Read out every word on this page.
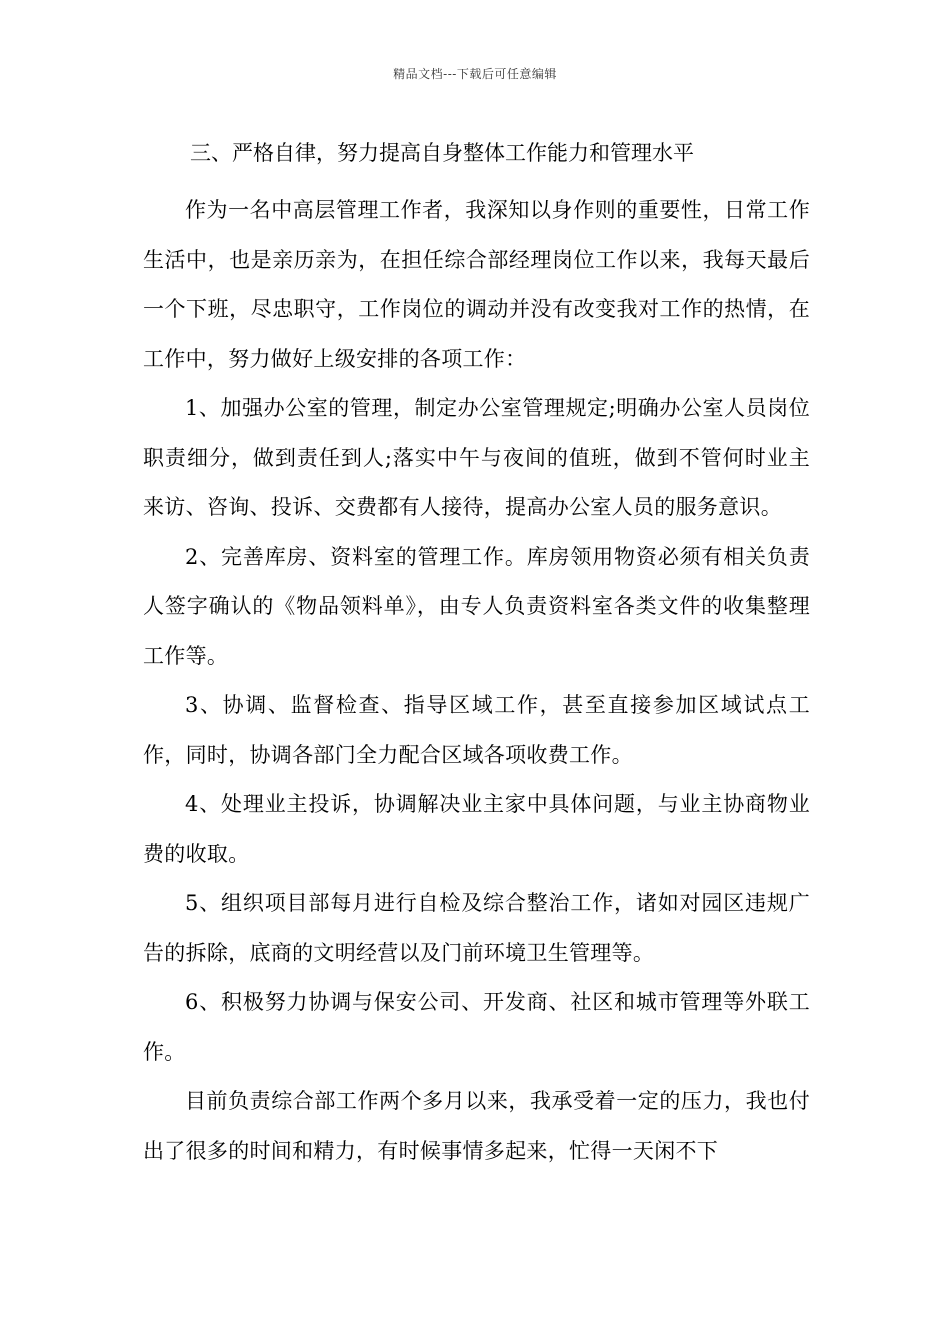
精品文档---下载后可任意编辑
三、严格自律，努力提高自身整体工作能力和管理水平

作为一名中高层管理工作者，我深知以身作则的重要性，日常工作生活中，也是亲历亲为，在担任综合部经理岗位工作以来，我每天最后一个下班，尽忠职守，工作岗位的调动并没有改变我对工作的热情，在工作中，努力做好上级安排的各项工作：

1、加强办公室的管理，制定办公室管理规定;明确办公室人员岗位职责细分，做到责任到人;落实中午与夜间的值班，做到不管何时业主来访、咨询、投诉、交费都有人接待，提高办公室人员的服务意识。

2、完善库房、资料室的管理工作。库房领用物资必须有相关负责人签字确认的《物品领料单》，由专人负责资料室各类文件的收集整理工作等。

3、协调、监督检查、指导区域工作，甚至直接参加区域试点工作，同时，协调各部门全力配合区域各项收费工作。

4、处理业主投诉，协调解决业主家中具体问题，与业主协商物业费的收取。

5、组织项目部每月进行自检及综合整治工作，诸如对园区违规广告的拆除，底商的文明经营以及门前环境卫生管理等。

6、积极努力协调与保安公司、开发商、社区和城市管理等外联工作。

目前负责综合部工作两个多月以来，我承受着一定的压力，我也付出了很多的时间和精力，有时候事情多起来，忙得一天闲不下
